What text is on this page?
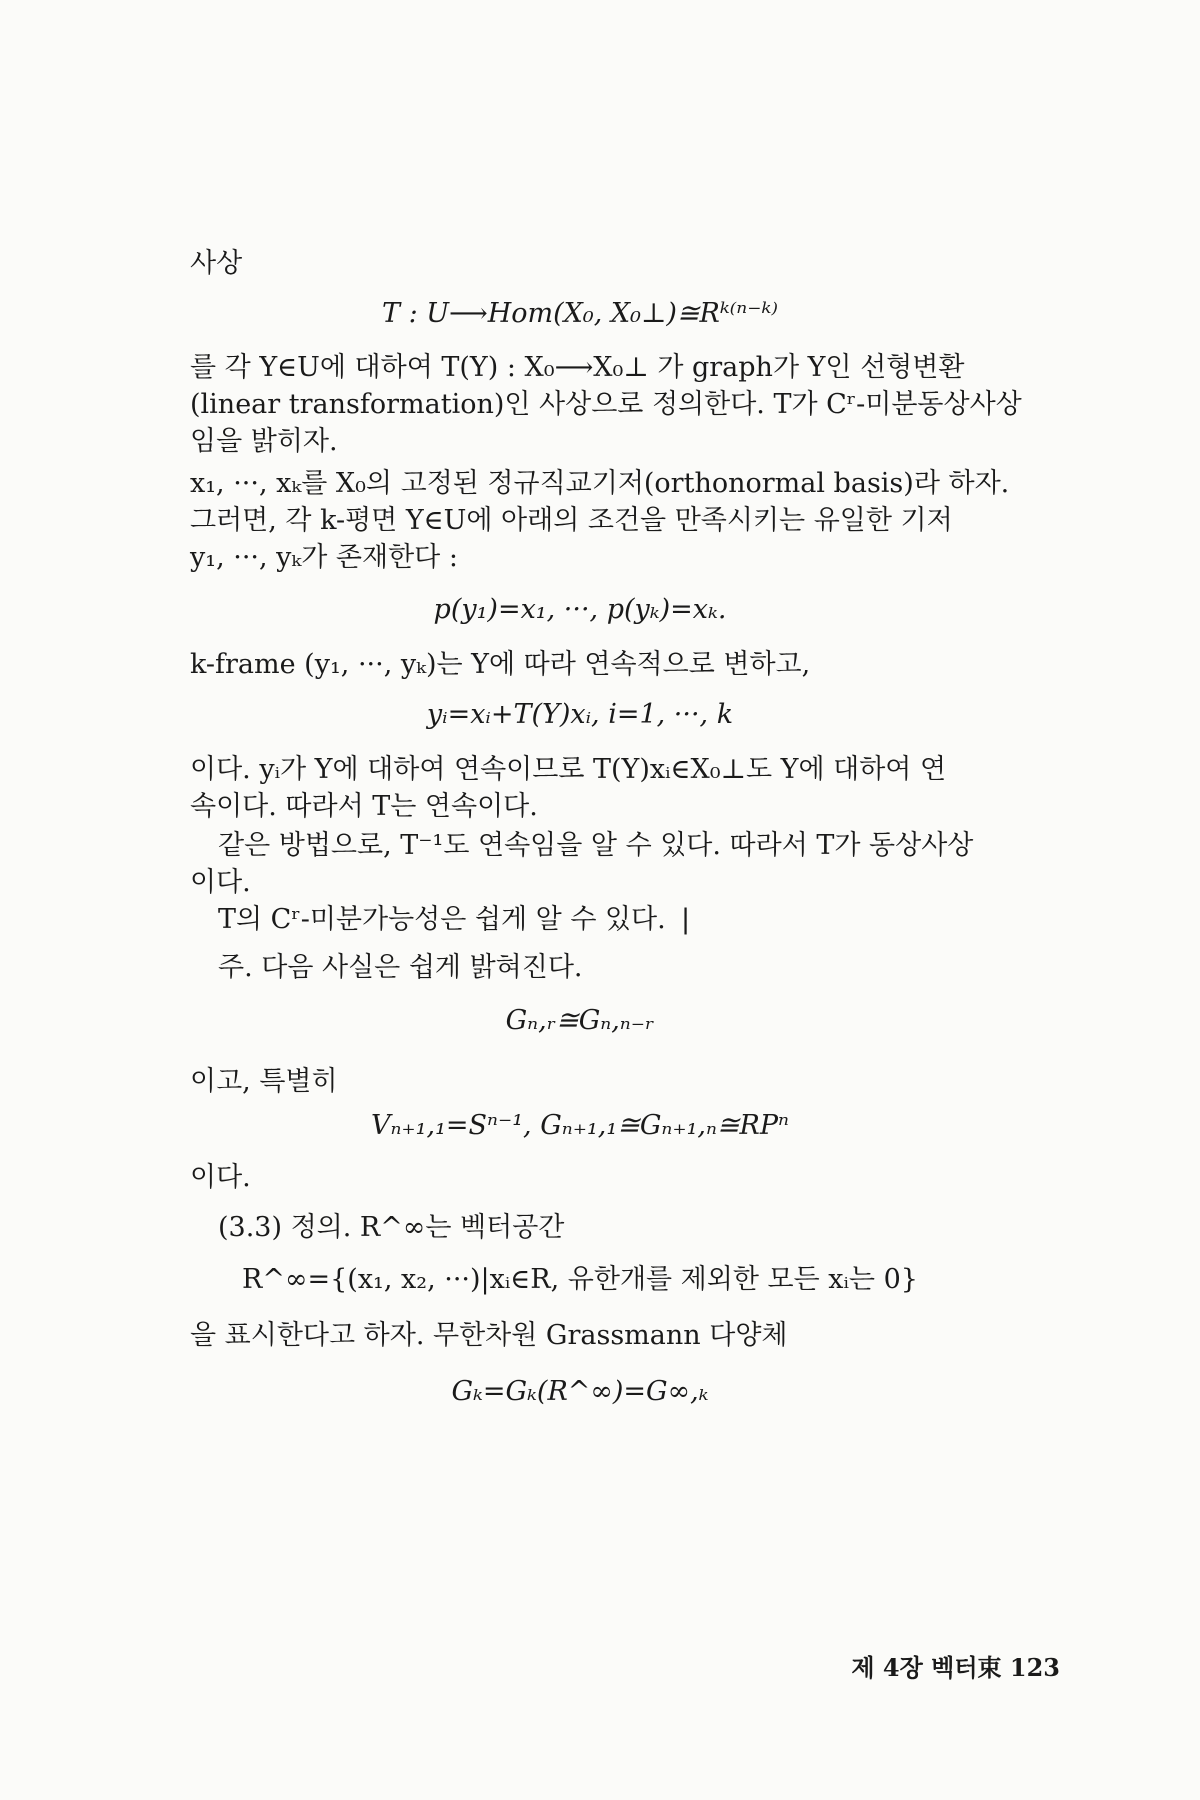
사상
T : U⟶Hom(X₀, X₀⊥)≅Rᵏ⁽ⁿ⁻ᵏ⁾
를 각 Y∈U에 대하여 T(Y) : X₀⟶X₀⊥ 가 graph가 Y인 선형변환
(linear transformation)인 사상으로 정의한다. T가 Cʳ-미분동상사상
임을 밝히자.
x₁, ···, xₖ를 X₀의 고정된 정규직교기저(orthonormal basis)라 하자.
그러면, 각 k-평면 Y∈U에 아래의 조건을 만족시키는 유일한 기저
y₁, ···, yₖ가 존재한다 :
p(y₁)=x₁, ···, p(yₖ)=xₖ.
k-frame (y₁, ···, yₖ)는 Y에 따라 연속적으로 변하고,
yᵢ=xᵢ+T(Y)xᵢ, i=1, ···, k
이다. yᵢ가 Y에 대하여 연속이므로 T(Y)xᵢ∈X₀⊥도 Y에 대하여 연
속이다. 따라서 T는 연속이다.
같은 방법으로, T⁻¹도 연속임을 알 수 있다. 따라서 T가 동상사상
이다.
T의 Cʳ-미분가능성은 쉽게 알 수 있다. ❘
주. 다음 사실은 쉽게 밝혀진다.
Gₙ,ᵣ≅Gₙ,ₙ₋ᵣ
이고, 특별히
Vₙ₊₁,₁=Sⁿ⁻¹, Gₙ₊₁,₁≅Gₙ₊₁,ₙ≅RPⁿ
이다.
(3.3) 정의. R^∞는 벡터공간
R^∞={(x₁, x₂, ···)|xᵢ∈R, 유한개를 제외한 모든 xᵢ는 0}
을 표시한다고 하자. 무한차원 Grassmann 다양체
Gₖ=Gₖ(R^∞)=G∞,ₖ
제 4장 벡터束 123
